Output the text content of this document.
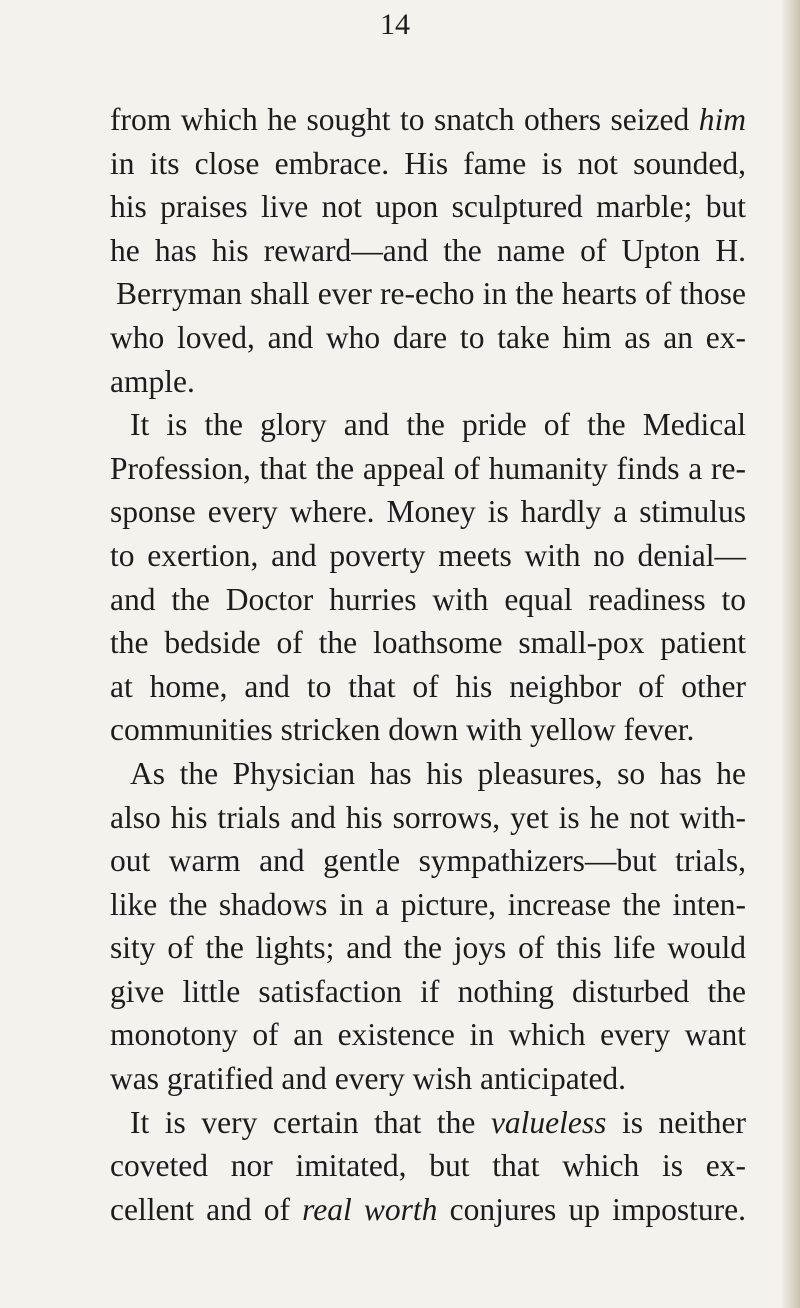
14
from which he sought to snatch others seized him
in its close embrace. His fame is not sounded,
his praises live not upon sculptured marble; but
he has his reward—and the name of Upton H.
Berryman shall ever re-echo in the hearts of those
who loved, and who dare to take him as an ex-
ample.
It is the glory and the pride of the Medical
Profession, that the appeal of humanity finds a re-
sponse every where. Money is hardly a stimulus
to exertion, and poverty meets with no denial—
and the Doctor hurries with equal readiness to
the bedside of the loathsome small-pox patient
at home, and to that of his neighbor of other
communities stricken down with yellow fever.
As the Physician has his pleasures, so has he
also his trials and his sorrows, yet is he not with-
out warm and gentle sympathizers—but trials,
like the shadows in a picture, increase the inten-
sity of the lights; and the joys of this life would
give little satisfaction if nothing disturbed the
monotony of an existence in which every want
was gratified and every wish anticipated.
It is very certain that the valueless is neither
coveted nor imitated, but that which is ex-
cellent and of real worth conjures up imposture.
